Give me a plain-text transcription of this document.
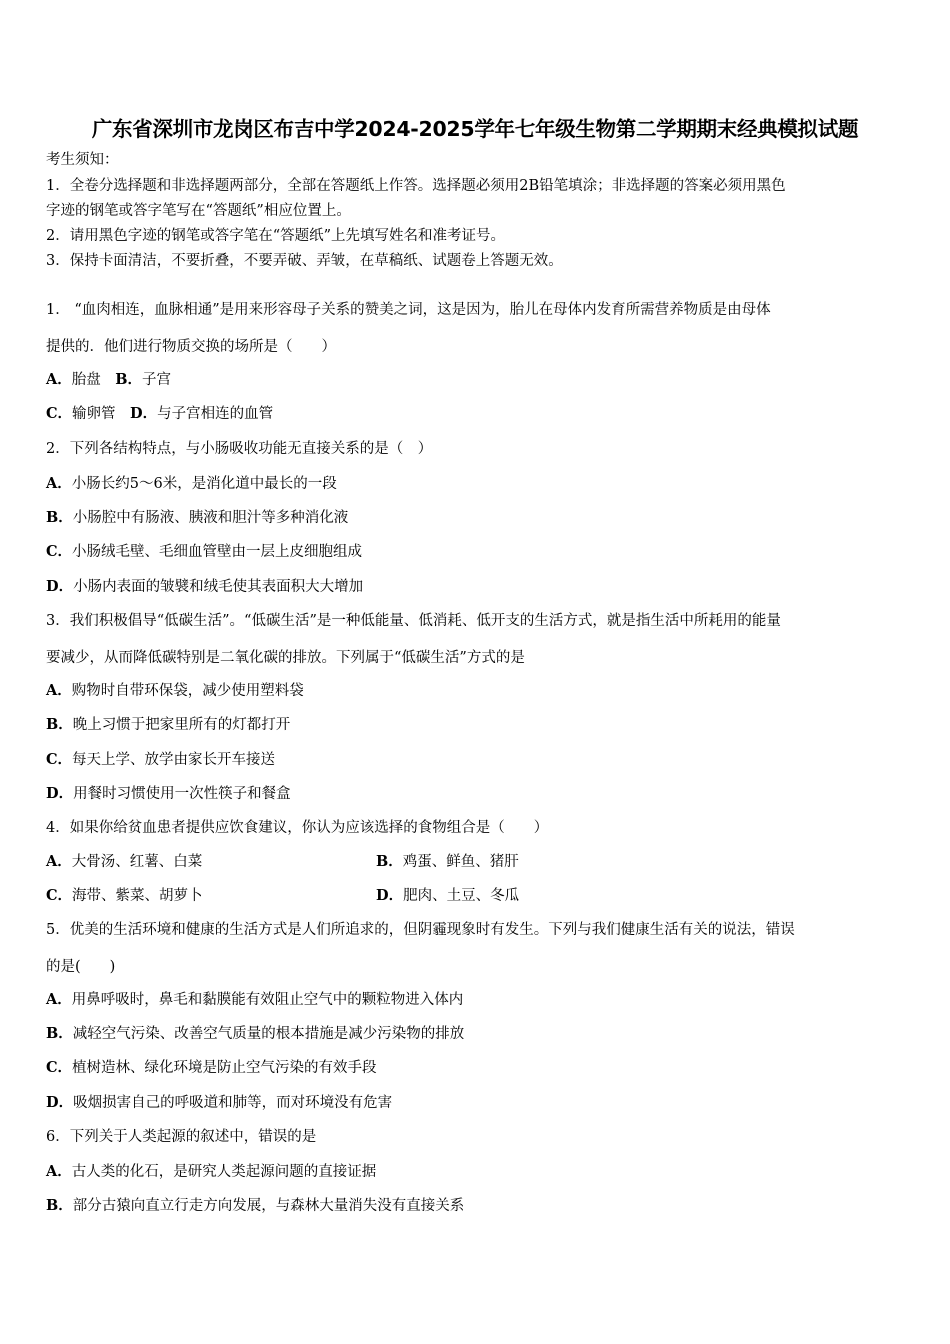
广东省深圳市龙岗区布吉中学2024-2025学年七年级生物第二学期期末经典模拟试题
考生须知：
1．全卷分选择题和非选择题两部分，全部在答题纸上作答。选择题必须用2B铅笔填涂；非选择题的答案必须用黑色
字迹的钢笔或答字笔写在“答题纸”相应位置上。
2．请用黑色字迹的钢笔或答字笔在“答题纸”上先填写姓名和准考证号。
3．保持卡面清洁，不要折叠，不要弄破、弄皱，在草稿纸、试题卷上答题无效。
1． “血肉相连，血脉相通”是用来形容母子关系的赞美之词，这是因为，胎儿在母体内发育所需营养物质是由母体
提供的．他们进行物质交换的场所是（　　）
A．胎盘　 B．子宫
C．输卵管　 D．与子宫相连的血管
2．下列各结构特点，与小肠吸收功能无直接关系的是（　）
A．小肠长约5～6米，是消化道中最长的一段
B．小肠腔中有肠液、胰液和胆汁等多种消化液
C．小肠绒毛壁、毛细血管壁由一层上皮细胞组成
D．小肠内表面的皱襞和绒毛使其表面积大大增加
3．我们积极倡导“低碳生活”。“低碳生活”是一种低能量、低消耗、低开支的生活方式，就是指生活中所耗用的能量
要减少，从而降低碳特别是二氧化碳的排放。下列属于“低碳生活”方式的是
A．购物时自带环保袋，减少使用塑料袋
B．晚上习惯于把家里所有的灯都打开
C．每天上学、放学由家长开车接送
D．用餐时习惯使用一次性筷子和餐盒
4．如果你给贫血患者提供应饮食建议，你认为应该选择的食物组合是（　　）
A．大骨汤、红薯、白菜	B．鸡蛋、鲜鱼、猪肝
C．海带、紫菜、胡萝卜	D．肥肉、土豆、冬瓜
5．优美的生活环境和健康的生活方式是人们所追求的，但阴霾现象时有发生。下列与我们健康生活有关的说法，错误
的是(　　)
A．用鼻呼吸时，鼻毛和黏膜能有效阻止空气中的颗粒物进入体内
B．减轻空气污染、改善空气质量的根本措施是减少污染物的排放
C．植树造林、绿化环境是防止空气污染的有效手段
D．吸烟损害自己的呼吸道和肺等，而对环境没有危害
6．下列关于人类起源的叙述中，错误的是
A．古人类的化石，是研究人类起源问题的直接证据
B．部分古猿向直立行走方向发展，与森林大量消失没有直接关系
